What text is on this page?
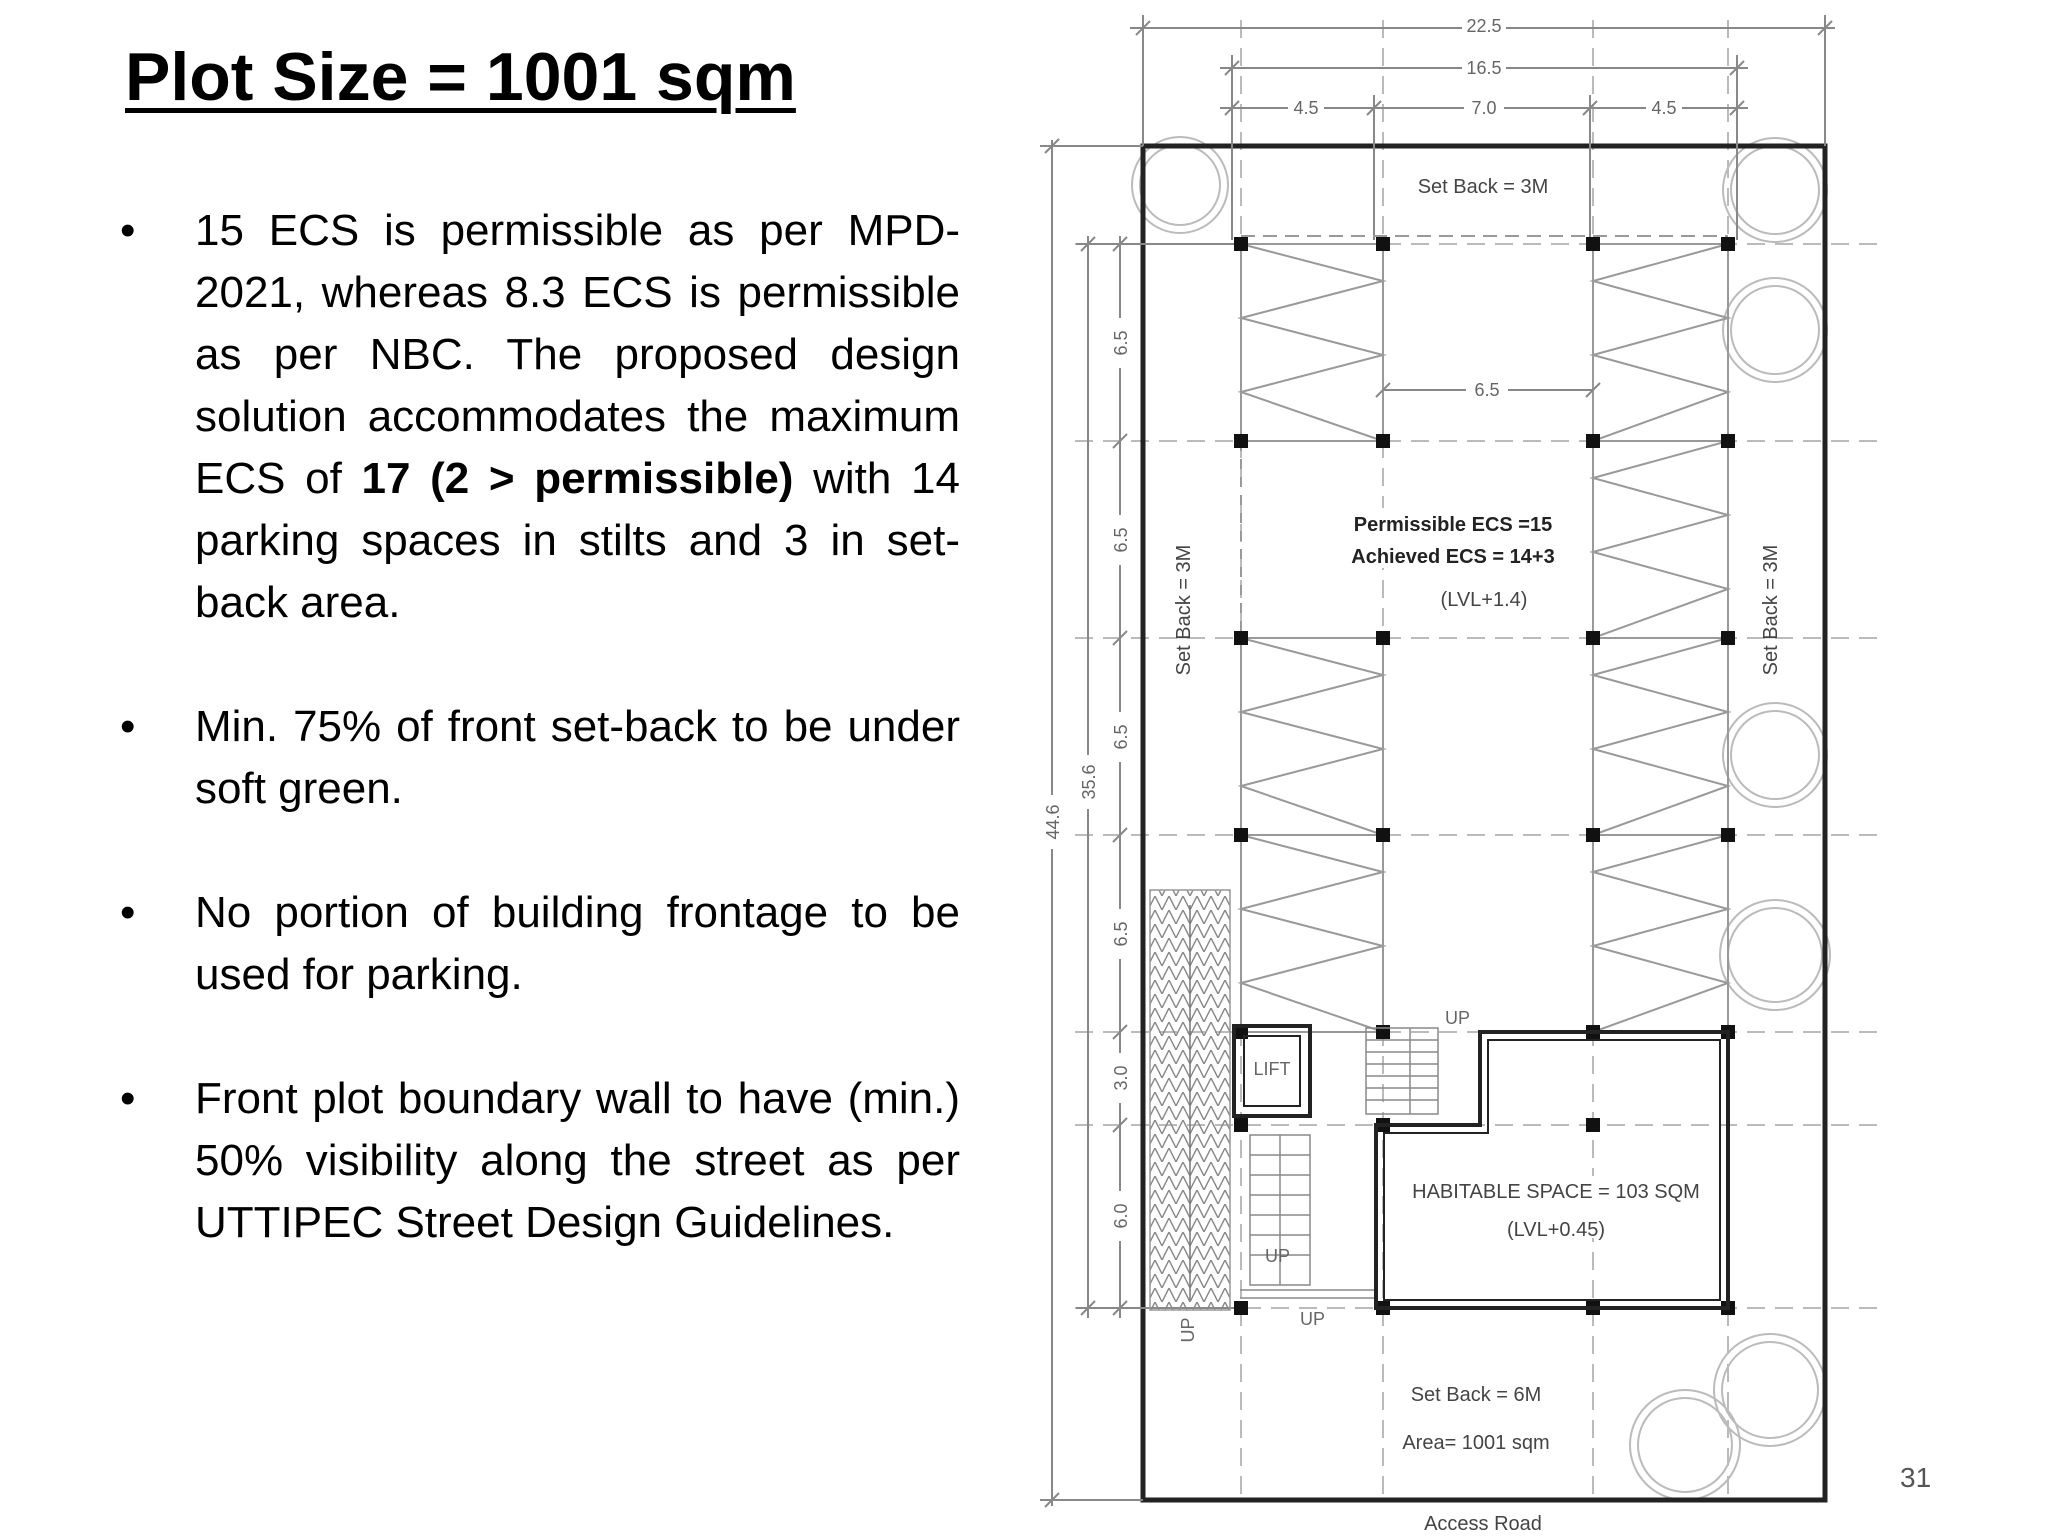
Plot Size = 1001 sqm
• 15 ECS is permissible as per MPD-2021, whereas 8.3 ECS is permissible as per NBC. The proposed design solution accommodates the maximum ECS of 17 (2 > permissible) with 14 parking spaces in stilts and 3 in set-back area.
• Min. 75% of front set-back to be under soft green.
• No portion of building frontage to be used for parking.
• Front plot boundary wall to have (min.) 50% visibility along the street as per UTTIPEC Street Design Guidelines.
22.5
16.5
4.5	7.0	4.5
44.6
35.6
6.5
6.5
6.5
6.5
3.0
6.0
UP
6.5
LIFT
UP
UP
UP
Set Back = 3M
Set Back = 3M	Set Back = 3M
Permissible ECS =15
Achieved ECS = 14+3
(LVL+1.4)
HABITABLE SPACE = 103 SQM
(LVL+0.45)
Set Back = 6M
Area= 1001 sqm
Access Road
31
